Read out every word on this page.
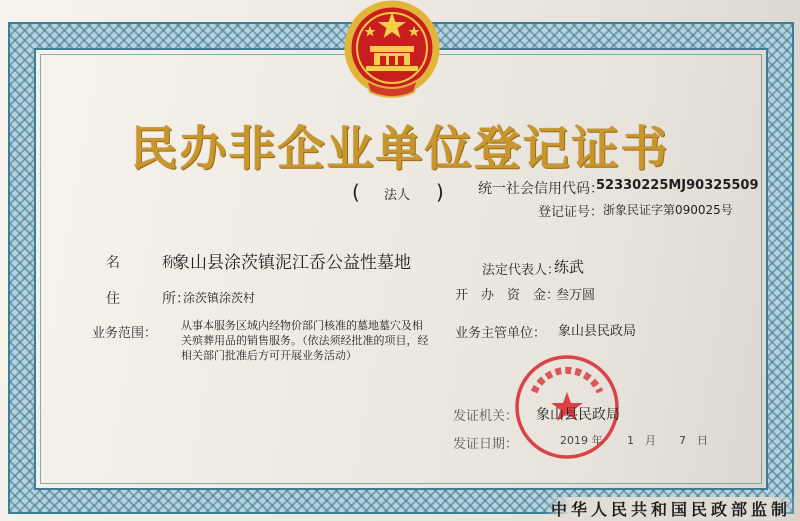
民办非企业单位登记证书
( 法人 ) 统一社会信用代码：
52330225MJ90325509
登记证号： 浙象民证字第090025号
名　　　称：
象山县涂茨镇泥江岙公益性墓地	法定代表人：
练武
住　　　所：
涂茨镇涂茨村	开　办　资　金：
叁万圆
业务范围：
从事本服务区域内经物价部门核准的墓地墓穴及相关殡葬用品的销售服务。（依法须经批准的项目，经相关部门批准后方可开展业务活动）
业务主管单位： 象山县民政局
发证机关： 象山县民政局
发证日期：	2019 年 1　月 7　日
中华人民共和国民政部监制
